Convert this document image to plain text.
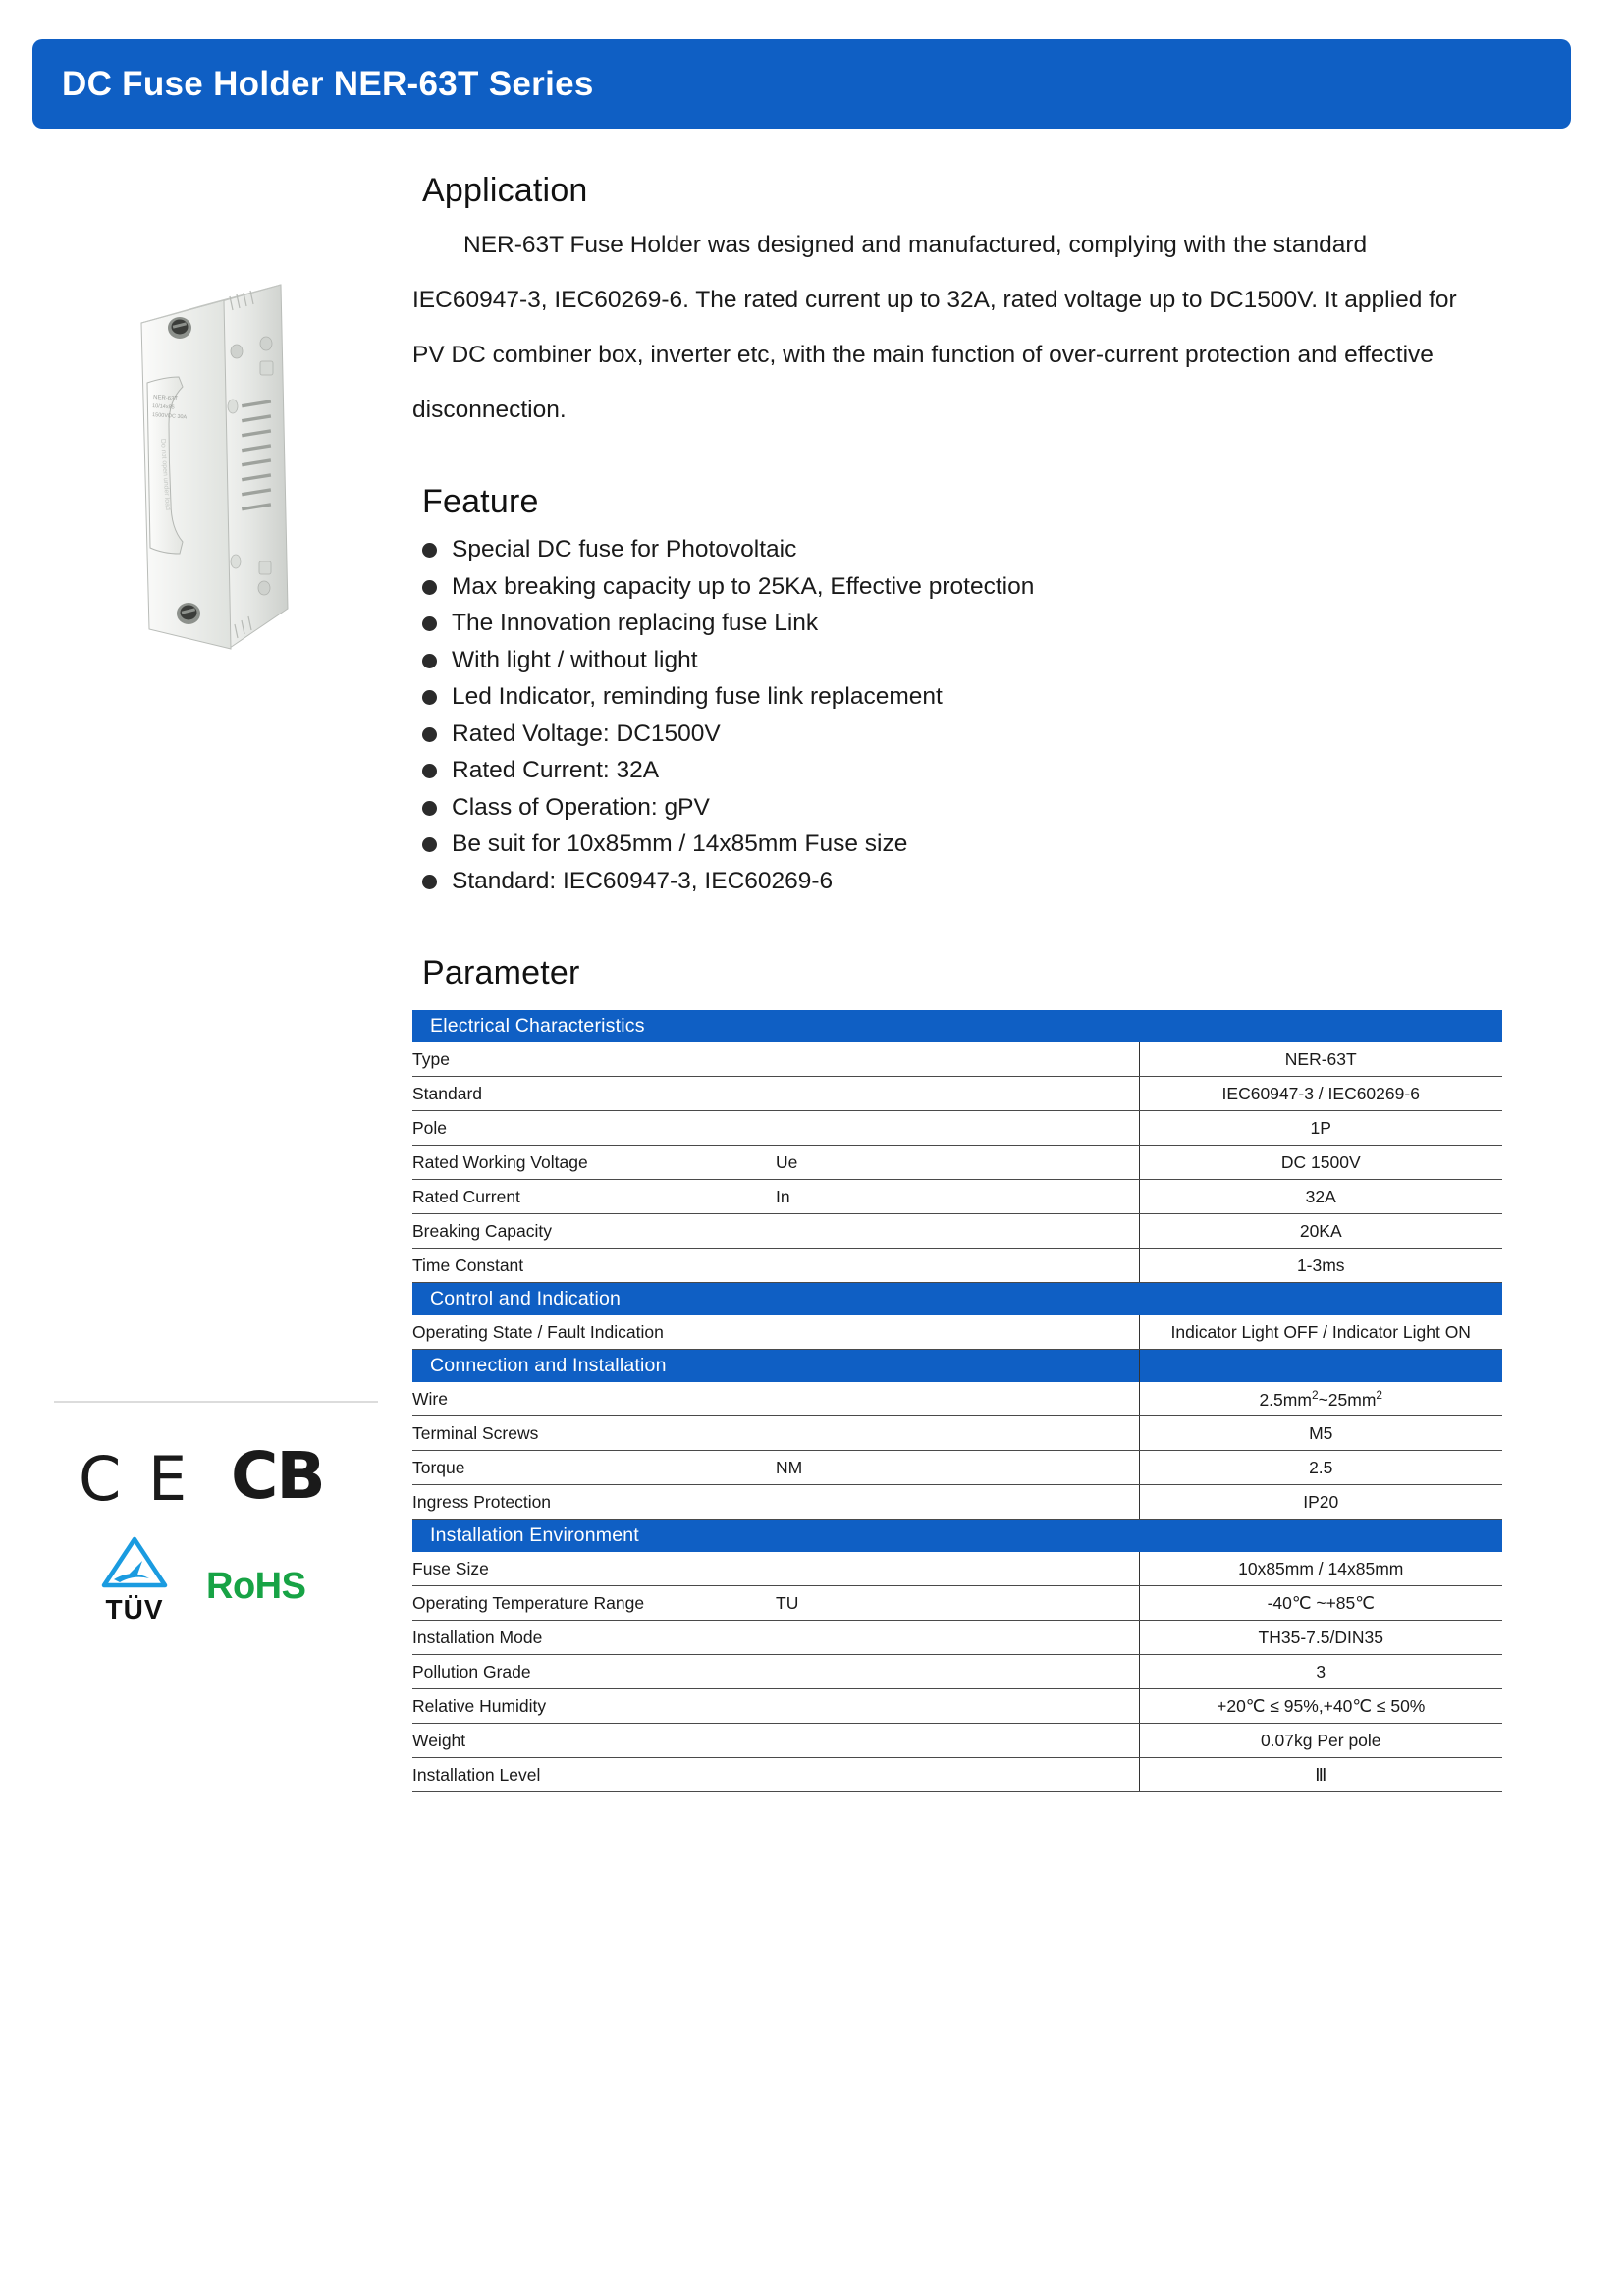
DC Fuse Holder NER-63T Series
NER-63T
10/14x85
1500VDC 30A
Do not open under load
C E CB
TÜV
RoHS
Application

NER-63T Fuse Holder was designed and manufactured, complying with the standard IEC60947-3, IEC60269-6. The rated current up to 32A, rated voltage up to DC1500V. It applied for PV DC combiner box, inverter etc, with the main function of over-current protection and effective disconnection.

Feature
Special DC fuse for Photovoltaic
Max breaking capacity up to 25KA, Effective protection
The Innovation replacing fuse Link
With light / without light
Led Indicator, reminding fuse link replacement
Rated Voltage: DC1500V
Rated Current: 32A
Class of Operation: gPV
Be suit for 10x85mm / 14x85mm Fuse size
Standard: IEC60947-3, IEC60269-6
Parameter
Electrical Characteristics		
Type		NER-63T
Standard		IEC60947-3 / IEC60269-6
Pole		1P
Rated Working Voltage	Ue	DC 1500V
Rated Current	In	32A
Breaking Capacity		20KA
Time Constant		1-3ms
Control and Indication		
Operating State / Fault Indication		Indicator Light OFF / Indicator Light ON
Connection and Installation		
Wire		$2.5mm^2\sim 25mm^2$
Terminal Screws		M5
Torque	NM	2.5
Ingress Protection		IP20
Installation Environment		
Fuse Size		10x85mm / 14x85mm
Operating Temperature Range	TU	-40℃ ~+85℃
Installation Mode		TH35-7.5/DIN35
Pollution Grade		3
Relative Humidity		+20℃ ≤ 95%,+40℃ ≤ 50%
Weight		0.07kg Per pole
Installation Level		Ⅲ
